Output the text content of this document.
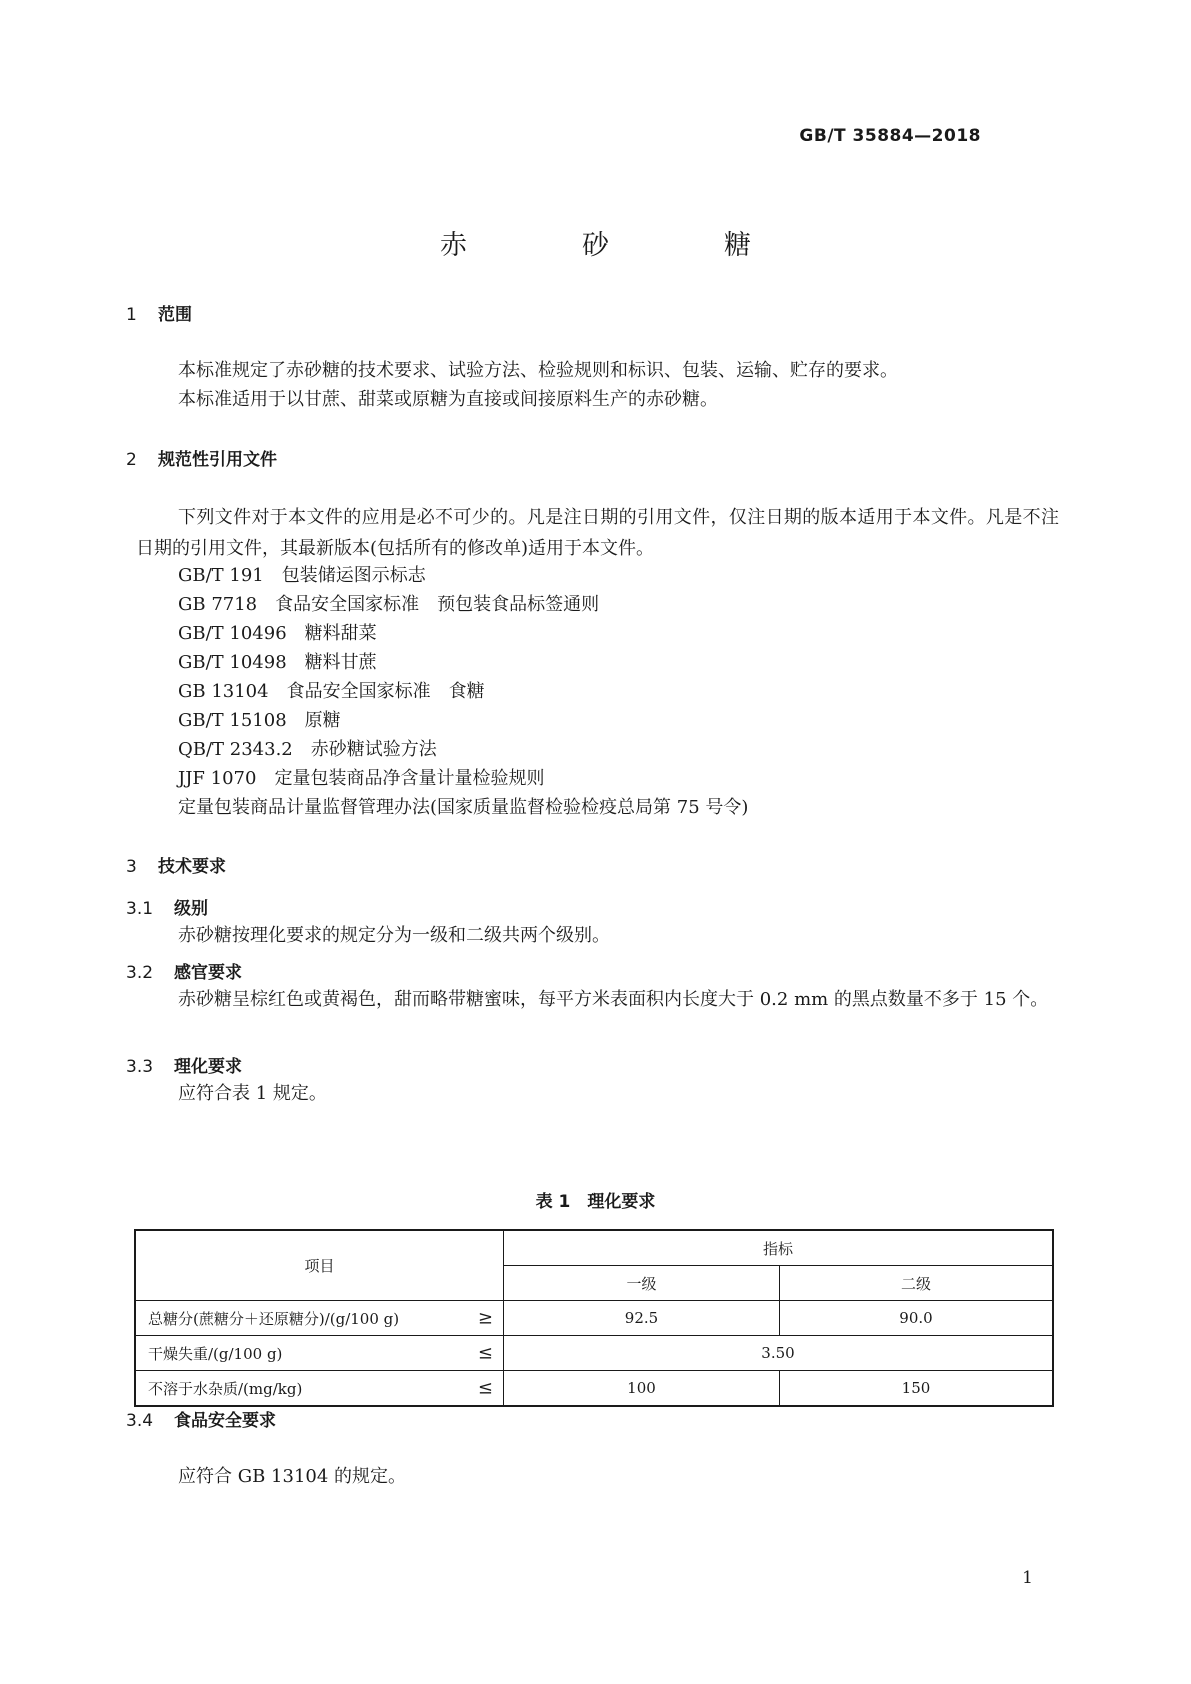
GB/T 35884—2018
赤　砂　糖
1 范围
本标准规定了赤砂糖的技术要求、试验方法、检验规则和标识、包装、运输、贮存的要求。
本标准适用于以甘蔗、甜菜或原糖为直接或间接原料生产的赤砂糖。
2 规范性引用文件
下列文件对于本文件的应用是必不可少的。凡是注日期的引用文件，仅注日期的版本适用于本文件。凡是不注日期的引用文件，其最新版本(包括所有的修改单)适用于本文件。
GB/T 191　包装储运图示标志
GB 7718　食品安全国家标准　预包装食品标签通则
GB/T 10496　糖料甜菜
GB/T 10498　糖料甘蔗
GB 13104　食品安全国家标准　食糖
GB/T 15108　原糖
QB/T 2343.2　赤砂糖试验方法
JJF 1070　定量包装商品净含量计量检验规则
定量包装商品计量监督管理办法(国家质量监督检验检疫总局第 75 号令)
3 技术要求
3.1 级别
赤砂糖按理化要求的规定分为一级和二级共两个级别。
3.2 感官要求
赤砂糖呈棕红色或黄褐色，甜而略带糖蜜味，每平方米表面积内长度大于 0.2 mm 的黑点数量不多于 15 个。
3.3 理化要求
应符合表 1 规定。
表 1　理化要求
项目	指标	
	一级	二级
总糖分(蔗糖分＋还原糖分)/(g/100 g) ≥	92.5	90.0
干燥失重/(g/100 g) ≤	3.50	
不溶于水杂质/(mg/kg) ≤	100	150
3.4 食品安全要求
应符合 GB 13104 的规定。
1
